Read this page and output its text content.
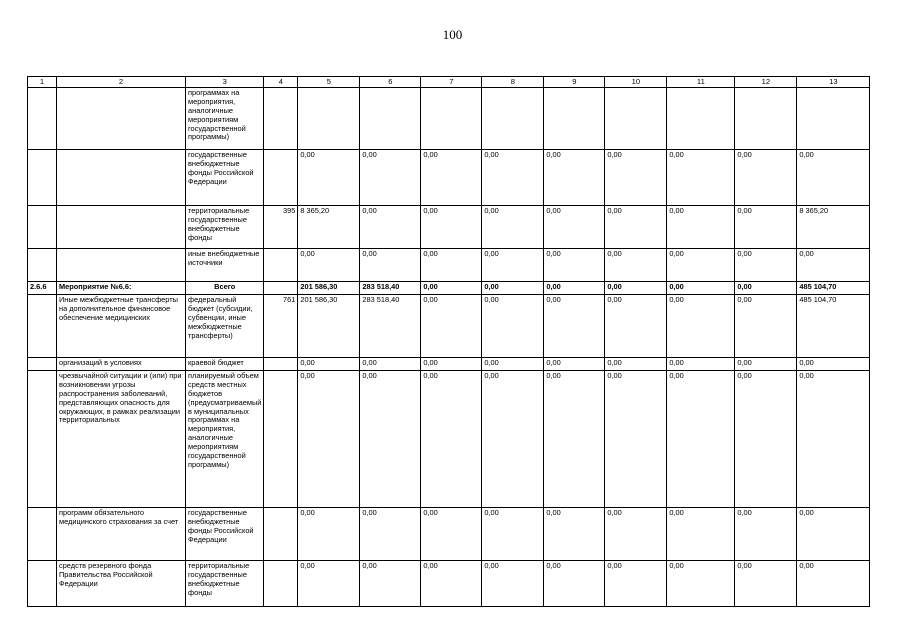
100
1	2	3	4	5	6	7	8	9	10	11	12	13
		программах на мероприятия, аналогичные мероприятиям государственной программы)										
		государственные внебюджетные фонды Российской Федерации		0,00	0,00	0,00	0,00	0,00	0,00	0,00	0,00	0,00
		территориальные государственные внебюджетные фонды	395	8 365,20	0,00	0,00	0,00	0,00	0,00	0,00	0,00	8 365,20
		иные внебюджетные источники		0,00	0,00	0,00	0,00	0,00	0,00	0,00	0,00	0,00
2.6.6	Мероприятие №6.6:	Всего		201 586,30	283 518,40	0,00	0,00	0,00	0,00	0,00	0,00	485 104,70
	Иные межбюджетные трансферты на дополнительное финансовое обеспечение медицинских	федеральный бюджет (субсидии, субвенции, иные межбюджетные трансферты)	761	201 586,30	283 518,40	0,00	0,00	0,00	0,00	0,00	0,00	485 104,70
	организаций в условиях	краевой бюджет		0,00	0,00	0,00	0,00	0,00	0,00	0,00	0,00	0,00
	чрезвычайной ситуации и (или) при возникновении угрозы распространения заболеваний, представляющих опасность для окружающих, в рамках реализации территориальных	планируемый объем средств местных бюджетов (предусматриваемый в муниципальных программах на мероприятия, аналогичные мероприятиям государственной программы)		0,00	0,00	0,00	0,00	0,00	0,00	0,00	0,00	0,00
	программ обязательного медицинского страхования за счет	государственные внебюджетные фонды Российской Федерации		0,00	0,00	0,00	0,00	0,00	0,00	0,00	0,00	0,00
	средств резервного фонда Правительства Российской Федерации	территориальные государственные внебюджетные фонды		0,00	0,00	0,00	0,00	0,00	0,00	0,00	0,00	0,00
